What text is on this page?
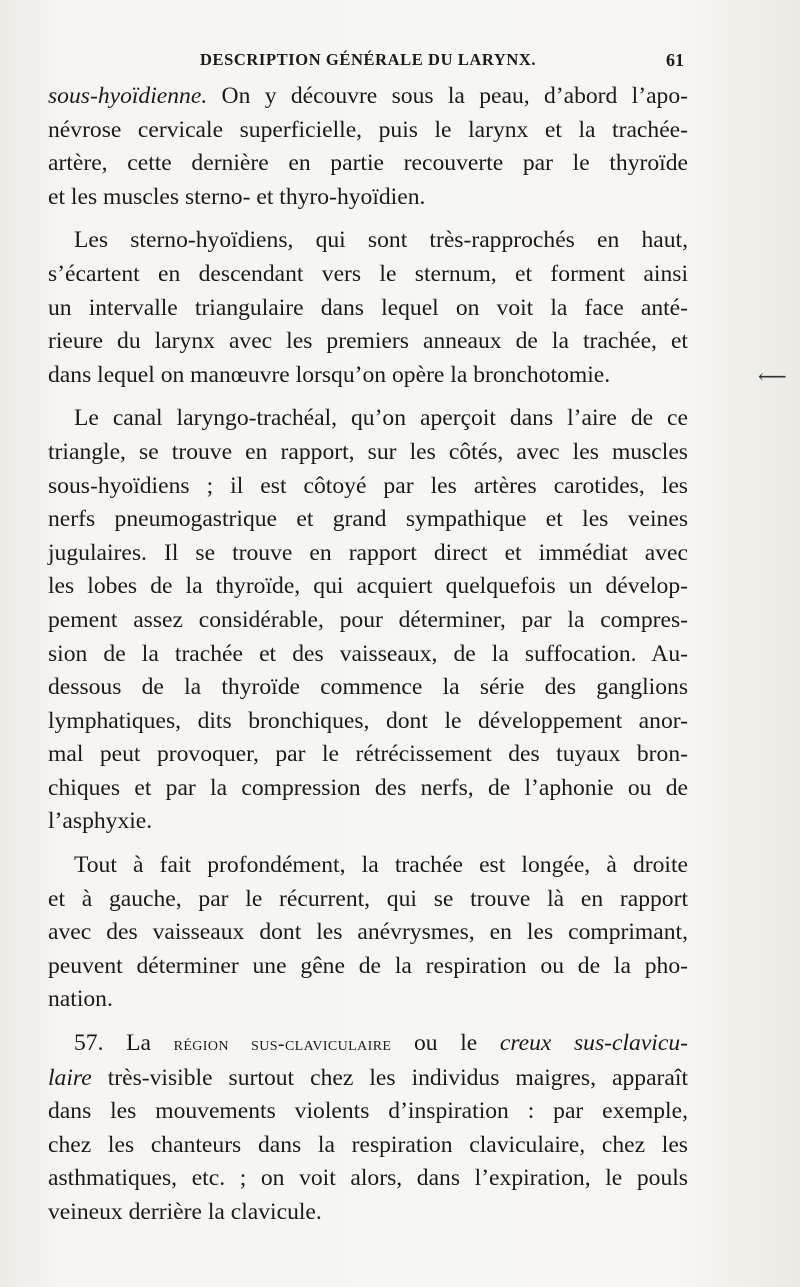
DESCRIPTION GÉNÉRALE DU LARYNX.	61
⟵
sous-hyoïdienne. On y découvre sous la peau, d’abord l’apo-
névrose cervicale superficielle, puis le larynx et la trachée-
artère, cette dernière en partie recouverte par le thyroïde
et les muscles sterno- et thyro-hyoïdien.
Les sterno-hyoïdiens, qui sont très-rapprochés en haut,
s’écartent en descendant vers le sternum, et forment ainsi
un intervalle triangulaire dans lequel on voit la face anté-
rieure du larynx avec les premiers anneaux de la trachée, et
dans lequel on manœuvre lorsqu’on opère la bronchotomie.
Le canal laryngo-trachéal, qu’on aperçoit dans l’aire de ce
triangle, se trouve en rapport, sur les côtés, avec les muscles
sous-hyoïdiens ; il est côtoyé par les artères carotides, les
nerfs pneumogastrique et grand sympathique et les veines
jugulaires. Il se trouve en rapport direct et immédiat avec
les lobes de la thyroïde, qui acquiert quelquefois un dévelop-
pement assez considérable, pour déterminer, par la compres-
sion de la trachée et des vaisseaux, de la suffocation. Au-
dessous de la thyroïde commence la série des ganglions
lymphatiques, dits bronchiques, dont le développement anor-
mal peut provoquer, par le rétrécissement des tuyaux bron-
chiques et par la compression des nerfs, de l’aphonie ou de
l’asphyxie.
Tout à fait profondément, la trachée est longée, à droite
et à gauche, par le récurrent, qui se trouve là en rapport
avec des vaisseaux dont les anévrysmes, en les comprimant,
peuvent déterminer une gêne de la respiration ou de la pho-
nation.
57. La région sus-claviculaire ou le creux sus-clavicu-
laire très-visible surtout chez les individus maigres, apparaît
dans les mouvements violents d’inspiration : par exemple,
chez les chanteurs dans la respiration claviculaire, chez les
asthmatiques, etc. ; on voit alors, dans l’expiration, le pouls
veineux derrière la clavicule.
